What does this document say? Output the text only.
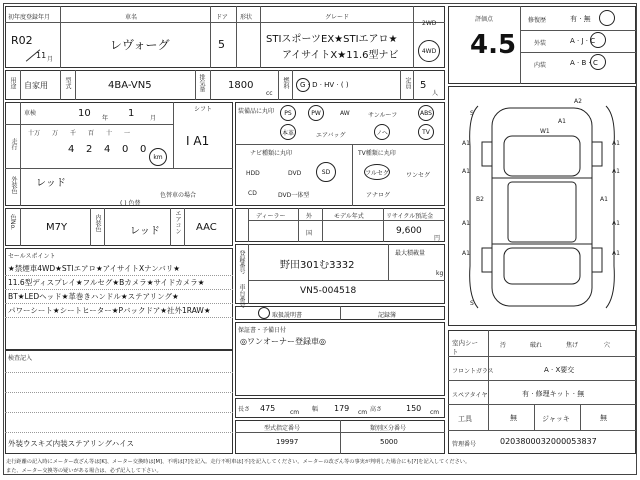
初年度登録年月
R02
11 月
車名
レヴォーグ
ドア
5
形状	グレード
STIスポーツEX★STIエアロ★
アイサイトX★11.6型ナビ
2WD
4WD
用途 自家用	型式	4BA-VN5	排気量 1800
cc
燃料 G · D · HV · ( )	定員 5
人
評価点
4.5
修復歴	有 · 無
外装	A · J · C
内装	A · B · C
車検	10 年 1	月
シフト
I A1
走行
十万 万 千 百 十 一
4 2 4 0 0
km
外装色 レッド
色替車の場合
( ) 色替
装備品に丸印 PS	PW	AW	サンルーフ	ABS
本革	エアバッグ	ノヘ	TV
ナビ種類に丸印
HDD	DVD	SD
CD	DVD一体型
TV種類に丸印
フルセグ	ワンセグ
アナログ
色No.	M7Y	内装色	レッド エアコン AAC
ディーラー	外
国
モデル年式	リサイクル預託金
9,600
円
セールスポイント
★禁煙車4WD★STIエアロ★アイサイトXナンバリ★
11.6型ディスプレイ★フルセグ★Bカメラ★サイドカメラ★
BT★LEDヘッド★革巻きハンドル★ステアリング★
パワーシート★シートヒーター★Pバックドア★社外1RAW★
検査記入
外装ウスキズ内装ステアリングハイス
登録番号	野田301む3332
最大積載量
kg
車台番号	VN5-004518
取扱説明書	記録簿
保証書・予備日付
◎ワンオーナー登録車◎
長さ 475 cm 幅 179 cm 高さ	150 cm
型式指定番号
19997
類別区分番号
5000
A2
A1
W1
S
A1
A1
B2
A1
A1
S
A1
A1
A1
A1
A1
室内シート
汚	破れ	焦げ	穴
フロントガラス	A · X要交
スペアタイヤ	有 · 修理キット · 無
工具	無	ジャッキ	無
管理番号	0203800032000053837
走行距離の記入時にメーター改ざん等は[K]、メーター交換時は[M]、不明は[?]を記入。走行不明車は[不]を記入してください。メーターの改ざん等の事実が判明した場合にも[?]を記入してください。
また、メーター交換等の疑いがある場合は、必ず記入して下さい。
